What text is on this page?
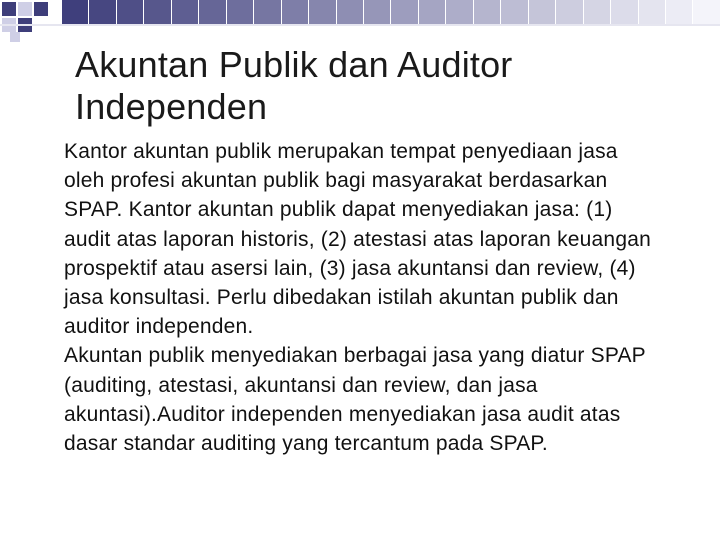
Akuntan Publik dan Auditor Independen

Kantor akuntan publik merupakan tempat penyediaan jasa oleh profesi akuntan publik bagi masyarakat berdasarkan SPAP. Kantor akuntan publik dapat menyediakan jasa: (1) audit atas laporan historis, (2) atestasi atas laporan keuangan prospektif atau asersi lain, (3) jasa akuntansi dan review, (4) jasa konsultasi. Perlu dibedakan istilah akuntan publik dan auditor independen.

Akuntan publik menyediakan berbagai jasa yang diatur SPAP (auditing, atestasi, akuntansi dan review, dan jasa akuntasi).Auditor independen menyediakan jasa audit atas dasar standar auditing yang tercantum pada SPAP.
